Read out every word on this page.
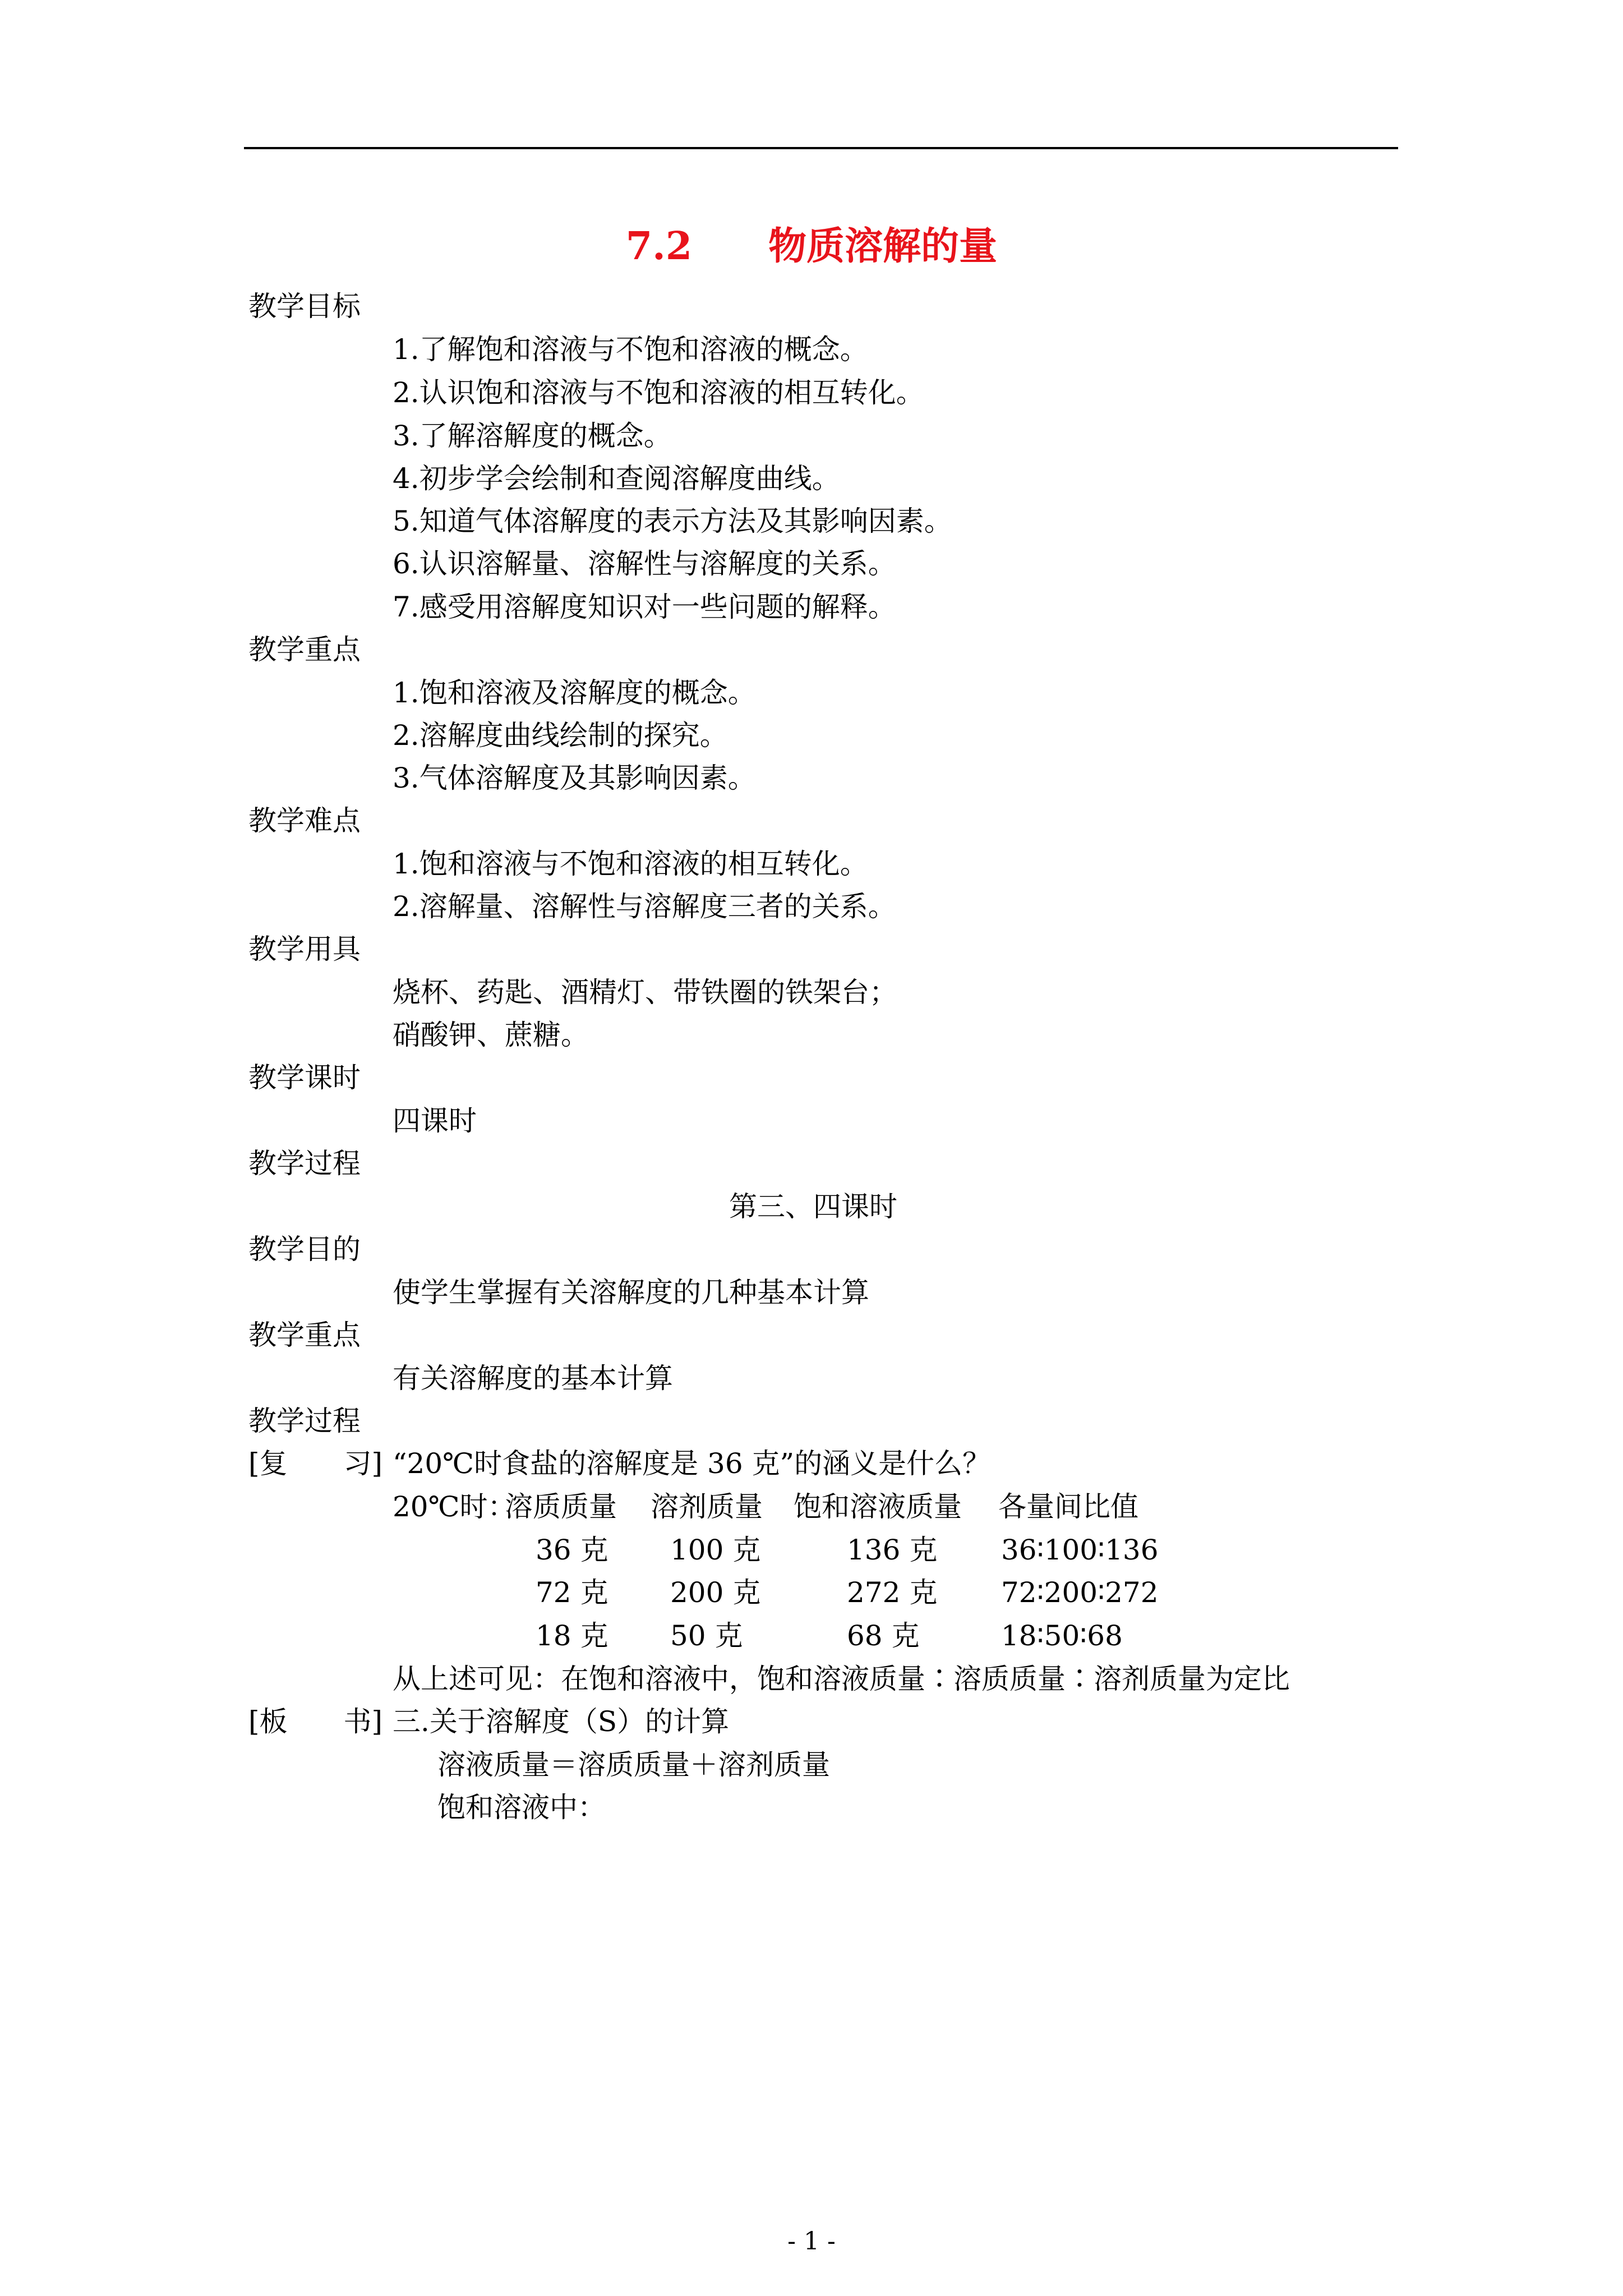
7.2　　物质溶解的量
教学目标
1.了解饱和溶液与不饱和溶液的概念。
2.认识饱和溶液与不饱和溶液的相互转化。
3.了解溶解度的概念。
4.初步学会绘制和查阅溶解度曲线。
5.知道气体溶解度的表示方法及其影响因素。
6.认识溶解量、溶解性与溶解度的关系。
7.感受用溶解度知识对一些问题的解释。
教学重点
1.饱和溶液及溶解度的概念。
2.溶解度曲线绘制的探究。
3.气体溶解度及其影响因素。
教学难点
1.饱和溶液与不饱和溶液的相互转化。
2.溶解量、溶解性与溶解度三者的关系。
教学用具
烧杯、药匙、酒精灯、带铁圈的铁架台；
硝酸钾、蔗糖。
教学课时
四课时
教学过程
第三、四课时
教学目的
使学生掌握有关溶解度的几种基本计算
教学重点
有关溶解度的基本计算
教学过程
[复　　习] “20℃时食盐的溶解度是 36 克”的涵义是什么？
20℃时：
溶质质量 溶剂质量 饱和溶液质量 各量间比值
36 克 100 克	136 克 36∶100∶136
72 克 200 克	272 克 72∶200∶272
18 克 50 克	68 克	18∶50∶68
从上述可见：在饱和溶液中，饱和溶液质量∶溶质质量∶溶剂质量为定比
[板　　书] 三.关于溶解度（S）的计算
溶液质量＝溶质质量＋溶剂质量
饱和溶液中：
- 1 -
